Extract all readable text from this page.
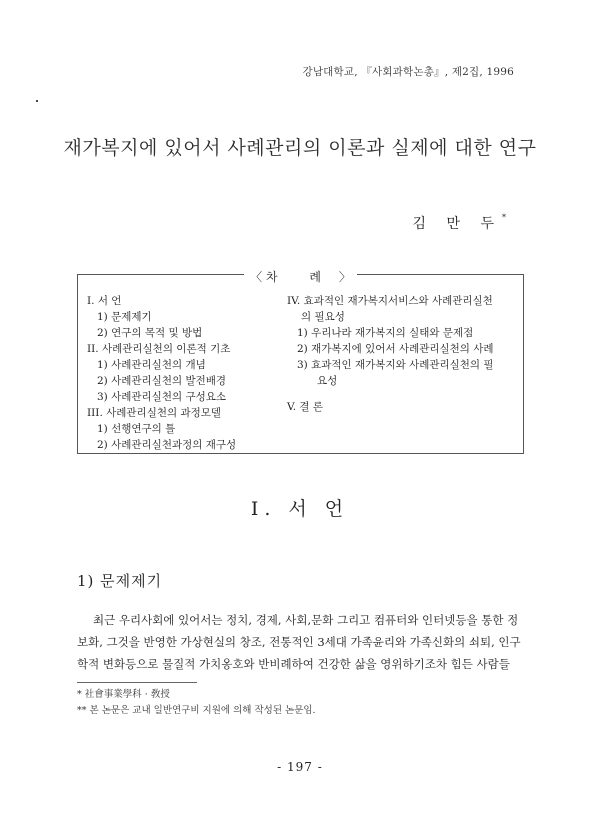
강남대학교, 『사회과학논총』, 제2집, 1996
재가복지에 있어서 사례관리의 이론과 실제에 대한 연구
김 만 두*
〈 차 례 〉
I. 서 언
1) 문제제기
2) 연구의 목적 및 방법
II. 사례관리실천의 이론적 기초
1) 사례관리실천의 개념
2) 사례관리실천의 발전배경
3) 사례관리실천의 구성요소
III. 사례관리실천의 과정모델
1) 선행연구의 틀
2) 사례관리실천과정의 재구성
IV. 효과적인 재가복지서비스와 사례관리실천
의 필요성
1) 우리나라 재가복지의 실태와 문제점
2) 재가복지에 있어서 사례관리실천의 사례
3) 효과적인 재가복지와 사례관리실천의 필
요성
V. 결 론
I. 서 언
1) 문제제기
최근 우리사회에 있어서는 정치, 경제, 사회,문화 그리고 컴퓨터와 인터넷등을 통한 정
보화, 그것을 반영한 가상현실의 창조, 전통적인 3세대 가족윤리와 가족신화의 쇠퇴, 인구
학적 변화등으로 물질적 가치옹호와 반비례하여 건강한 삶을 영위하기조차 힘든 사람들
* 社會事業學科 · 敎授
** 본 논문은 교내 일반연구비 지원에 의해 작성된 논문임.
- 197 -
